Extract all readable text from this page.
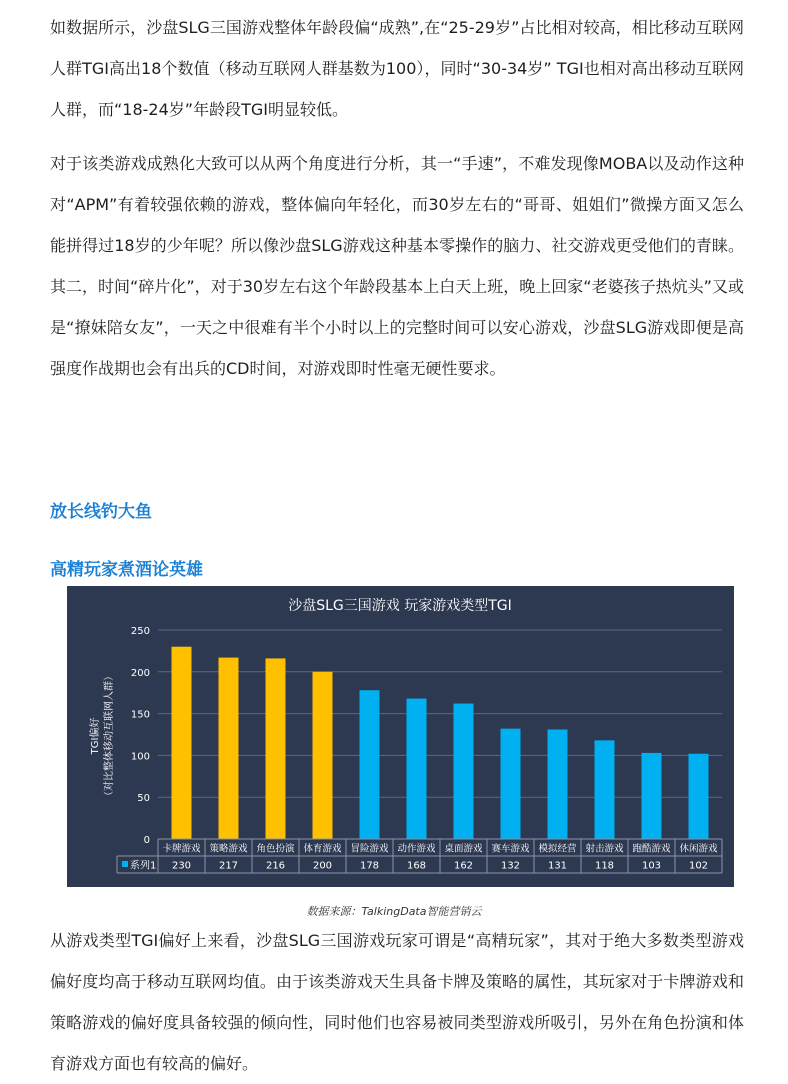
如数据所示，沙盘SLG三国游戏整体年龄段偏“成熟”,在“25-29岁”占比相对较高，相比移动互联网人群TGI高出18个数值（移动互联网人群基数为100），同时“30-34岁” TGI也相对高出移动互联网人群，而“18-24岁”年龄段TGI明显较低。

对于该类游戏成熟化大致可以从两个角度进行分析，其一“手速”，不难发现像MOBA以及动作这种对“APM”有着较强依赖的游戏，整体偏向年轻化，而30岁左右的“哥哥、姐姐们”微操方面又怎么能拼得过18岁的少年呢？所以像沙盘SLG游戏这种基本零操作的脑力、社交游戏更受他们的青睐。其二，时间“碎片化”，对于30岁左右这个年龄段基本上白天上班，晚上回家“老婆孩子热炕头”又或是“撩妹陪女友”，一天之中很难有半个小时以上的完整时间可以安心游戏，沙盘SLG游戏即便是高强度作战期也会有出兵的CD时间，对游戏即时性毫无硬性要求。

放长线钓大鱼
高精玩家煮酒论英雄
沙盘SLG三国游戏 玩家游戏类型TGI
0
50
100
150
200
250
TGI偏好 （对比整体移动互联网人群）
卡牌游戏
230
策略游戏
217
角色扮演
216
体育游戏
200
冒险游戏
178
动作游戏
168
桌面游戏
162
赛车游戏
132
模拟经营
131
射击游戏
118
跑酷游戏
103
休闲游戏
102
系列1
数据来源：TalkingData智能营销云

从游戏类型TGI偏好上来看，沙盘SLG三国游戏玩家可谓是“高精玩家”，其对于绝大多数类型游戏偏好度均高于移动互联网均值。由于该类游戏天生具备卡牌及策略的属性，其玩家对于卡牌游戏和策略游戏的偏好度具备较强的倾向性，同时他们也容易被同类型游戏所吸引，另外在角色扮演和体育游戏方面也有较高的偏好。
